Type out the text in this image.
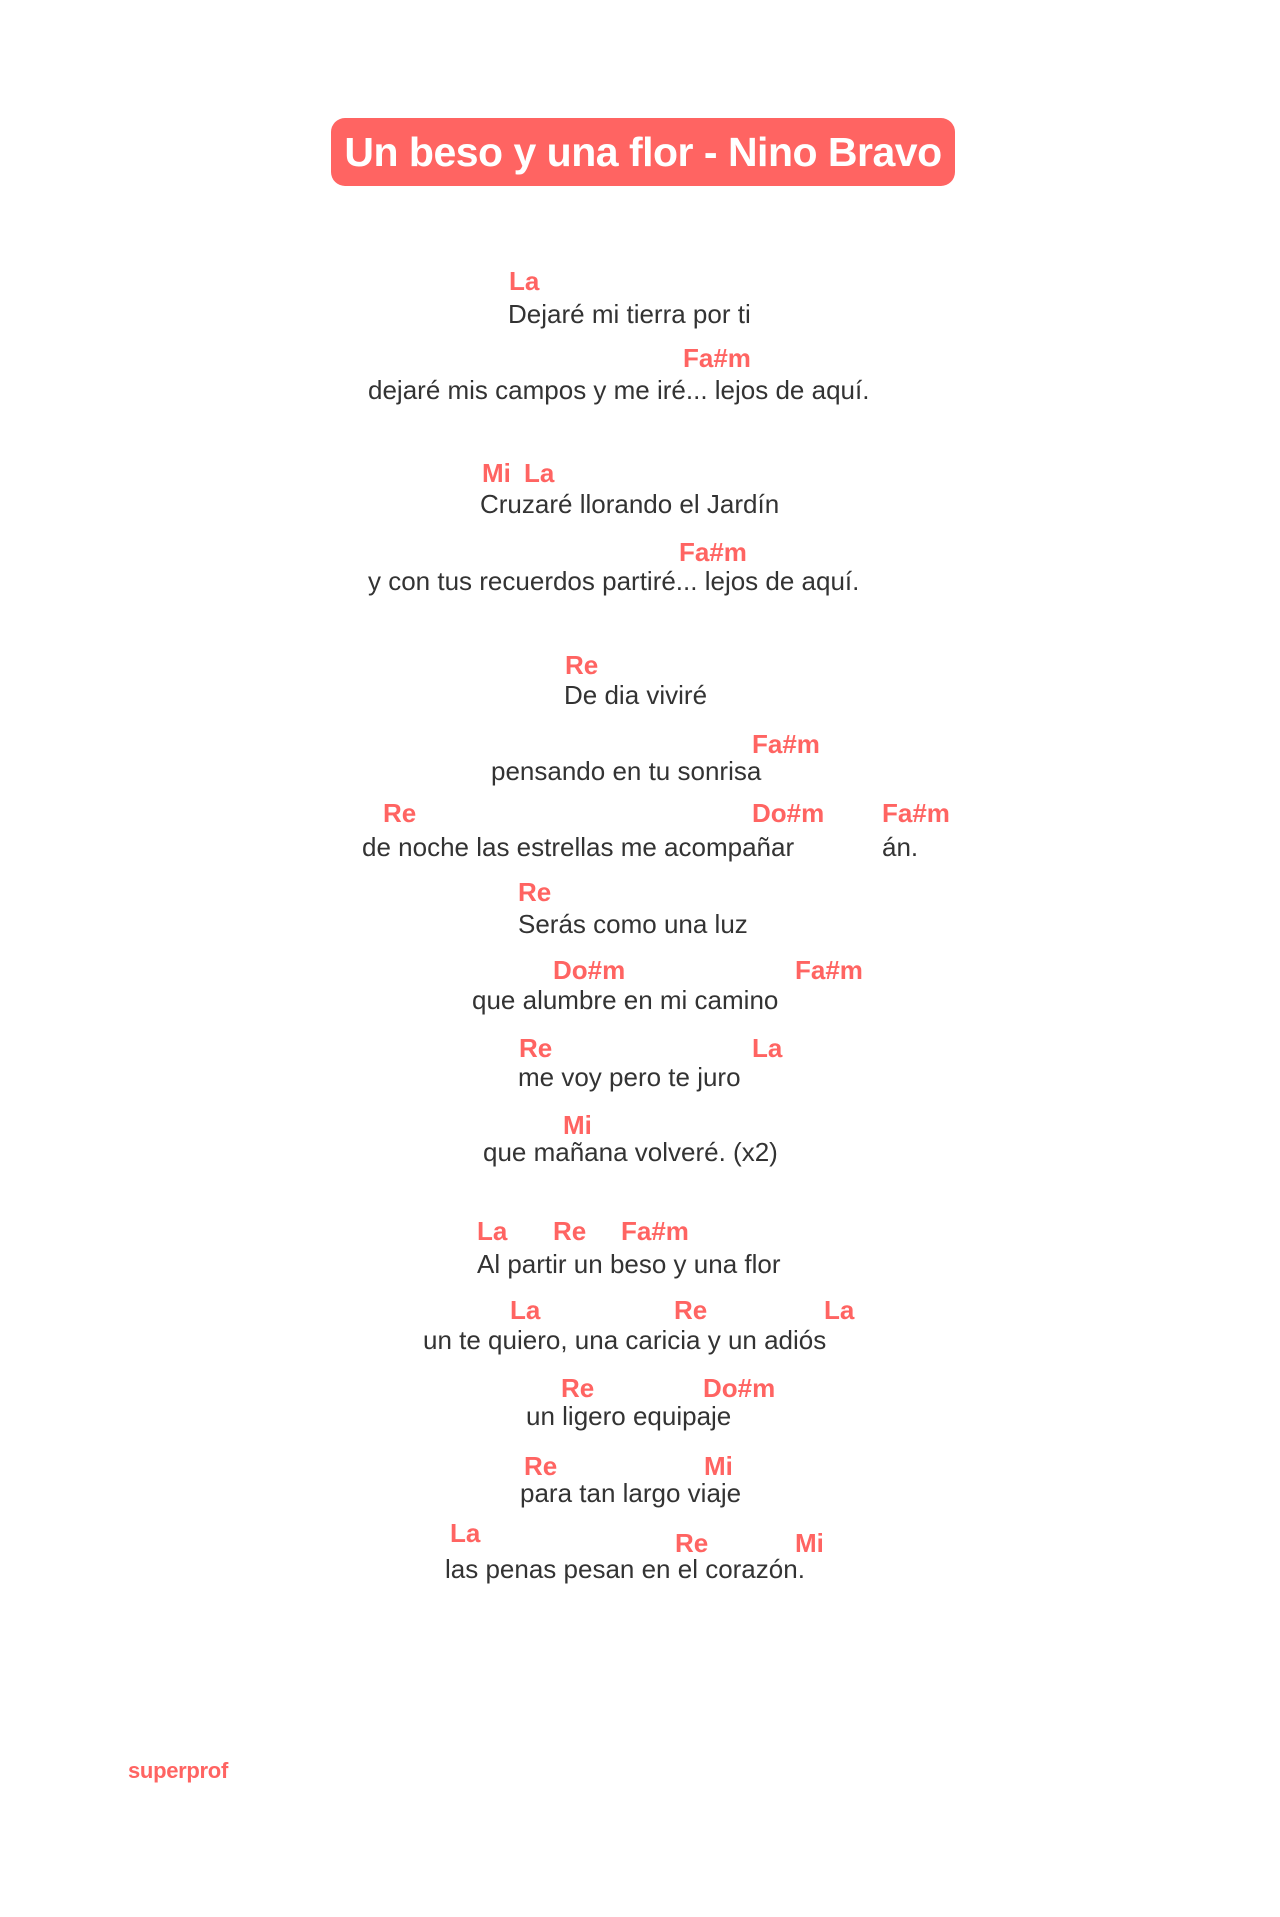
Un beso y una flor - Nino Bravo
La
Dejaré mi tierra por ti
Fa#m
dejaré mis campos y me iré... lejos de aquí.
Mi La
Cruzaré llorando el Jardín
Fa#m
y con tus recuerdos partiré... lejos de aquí.
Re
De dia viviré
Fa#m
pensando en tu sonrisa
Re	Do#m Fa#m
de noche las estrellas me acompañar	án.
Re
Serás como una luz
Do#m	Fa#m
que alumbre en mi camino
Re	La
me voy pero te juro
Mi
que mañana volveré. (x2)
La Re Fa#m
Al partir un beso y una flor
La	Re	La
un te quiero, una caricia y un adiós
Re	Do#m
un ligero equipaje
Re	Mi
para tan largo viaje
La	Re	Mi
las penas pesan en el corazón.
superprof
